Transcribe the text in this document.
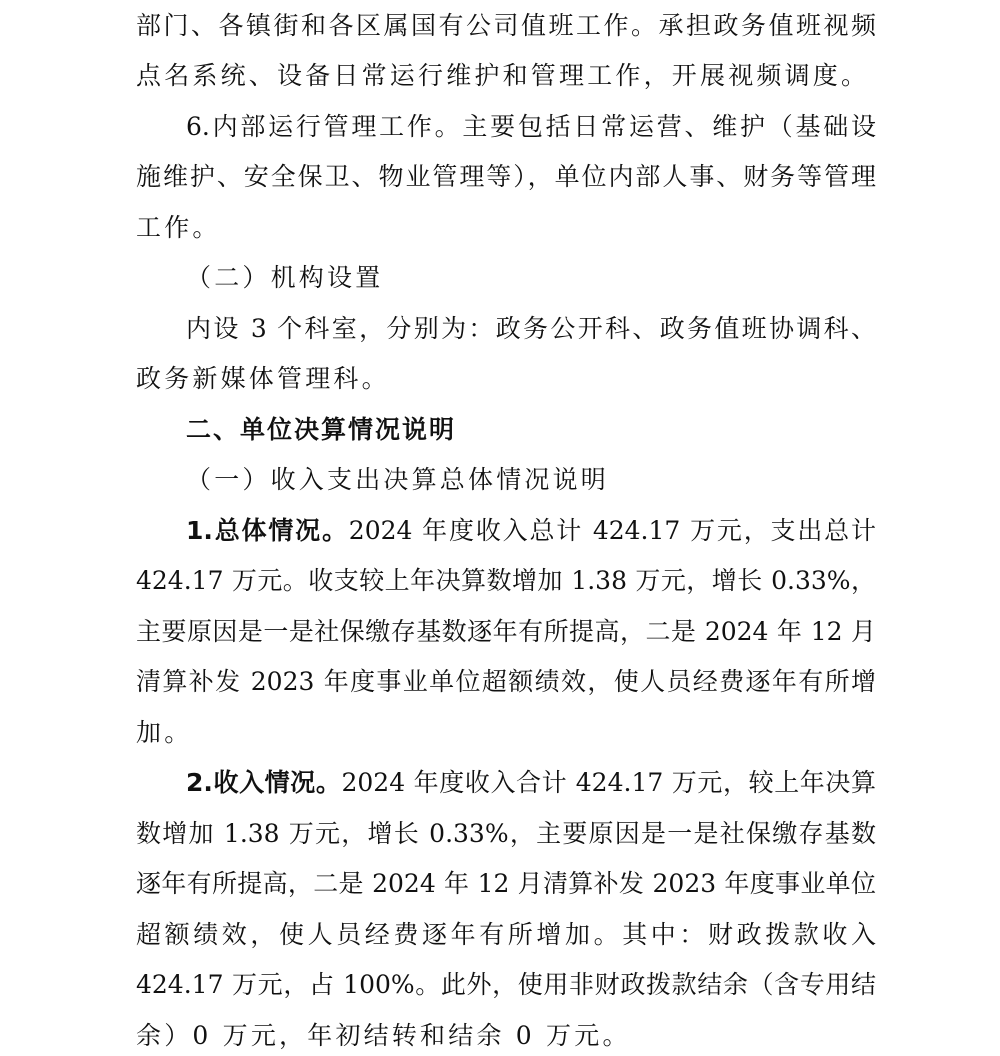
部门、各镇街和各区属国有公司值班工作。承担政务值班视频
点名系统、设备日常运行维护和管理工作，开展视频调度。
6.内部运行管理工作。主要包括日常运营、维护（基础设
施维护、安全保卫、物业管理等），单位内部人事、财务等管理
工作。
（二）机构设置
内设 3 个科室，分别为：政务公开科、政务值班协调科、
政务新媒体管理科。
二、单位决算情况说明
（一）收入支出决算总体情况说明
1.总体情况。2024 年度收入总计 424.17 万元，支出总计
424.17 万元。收支较上年决算数增加 1.38 万元，增长 0.33%，
主要原因是一是社保缴存基数逐年有所提高，二是 2024 年 12 月
清算补发 2023 年度事业单位超额绩效，使人员经费逐年有所增
加。
2.收入情况。2024 年度收入合计 424.17 万元，较上年决算
数增加 1.38 万元，增长 0.33%，主要原因是一是社保缴存基数
逐年有所提高，二是 2024 年 12 月清算补发 2023 年度事业单位
超额绩效，使人员经费逐年有所增加。其中：财政拨款收入
424.17 万元，占 100%。此外，使用非财政拨款结余（含专用结
余）0 万元，年初结转和结余 0 万元。
